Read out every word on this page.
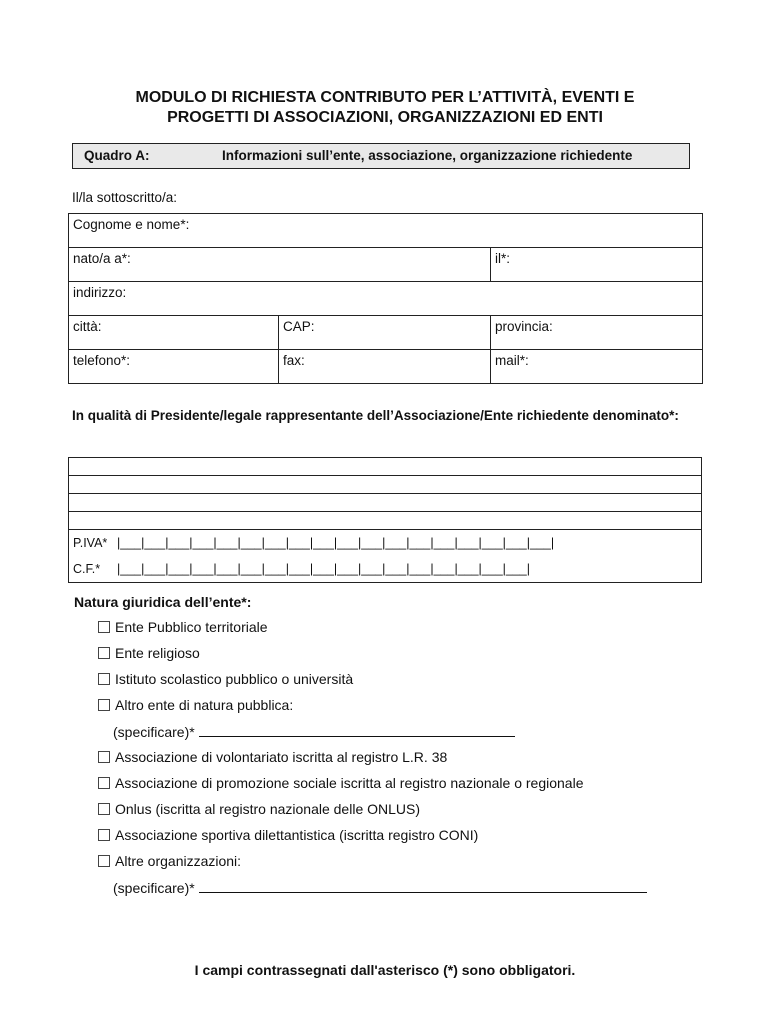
MODULO DI RICHIESTA CONTRIBUTO PER L’ATTIVITÀ, EVENTI E
PROGETTI DI ASSOCIAZIONI, ORGANIZZAZIONI ED ENTI
Quadro A:	Informazioni sull’ente, associazione, organizzazione richiedente
Il/la sottoscritto/a:
Cognome e nome*:		
nato/a a*:		il*:
indirizzo:		
città:	CAP:	provincia:
telefono*:	fax:	mail*:
In qualità di Presidente/legale rappresentante dell’Associazione/Ente richiedente denominato*:
P.IVA* |___|___|___|___|___|___|___|___|___|___|___|___|___|___|___|___|___|___|
C.F.* |___|___|___|___|___|___|___|___|___|___|___|___|___|___|___|___|___|
Natura giuridica dell’ente*:
Ente Pubblico territoriale
Ente religioso
Istituto scolastico pubblico o università
Altro ente di natura pubblica:
(specificare)*
Associazione di volontariato iscritta al registro L.R. 38
Associazione di promozione sociale iscritta al registro nazionale o regionale
Onlus (iscritta al registro nazionale delle ONLUS)
Associazione sportiva dilettantistica (iscritta registro CONI)
Altre organizzazioni:
(specificare)*
I campi contrassegnati dall'asterisco (*) sono obbligatori.
